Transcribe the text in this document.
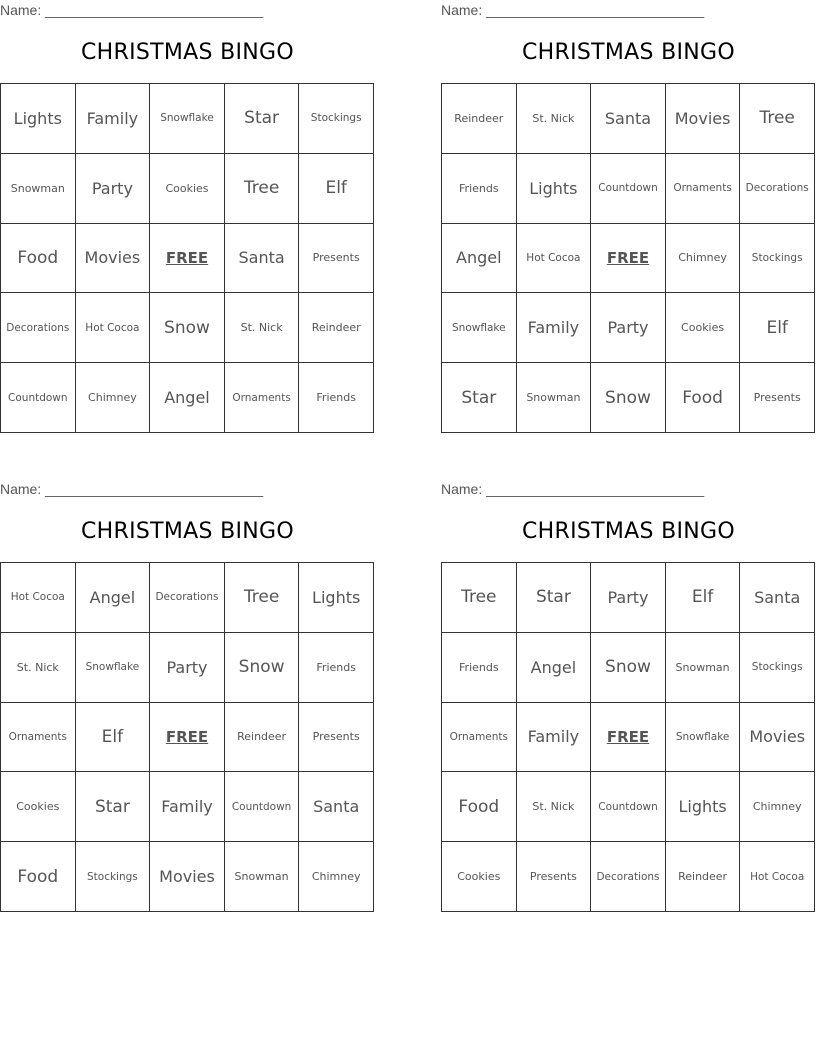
Name: ____________________________
CHRISTMAS BINGO
Lights	Family	Snowflake	Star	Stockings
Snowman	Party	Cookies	Tree	Elf
Food	Movies	FREE	Santa	Presents
Decorations	Hot Cocoa	Snow	St. Nick	Reindeer
Countdown	Chimney	Angel	Ornaments	Friends
Name: ____________________________
CHRISTMAS BINGO
Reindeer	St. Nick	Santa	Movies	Tree
Friends	Lights	Countdown	Ornaments	Decorations
Angel	Hot Cocoa	FREE	Chimney	Stockings
Snowflake	Family	Party	Cookies	Elf
Star	Snowman	Snow	Food	Presents
Name: ____________________________
CHRISTMAS BINGO
Hot Cocoa	Angel	Decorations	Tree	Lights
St. Nick	Snowflake	Party	Snow	Friends
Ornaments	Elf	FREE	Reindeer	Presents
Cookies	Star	Family	Countdown	Santa
Food	Stockings	Movies	Snowman	Chimney
Name: ____________________________
CHRISTMAS BINGO
Tree	Star	Party	Elf	Santa
Friends	Angel	Snow	Snowman	Stockings
Ornaments	Family	FREE	Snowflake	Movies
Food	St. Nick	Countdown	Lights	Chimney
Cookies	Presents	Decorations	Reindeer	Hot Cocoa
